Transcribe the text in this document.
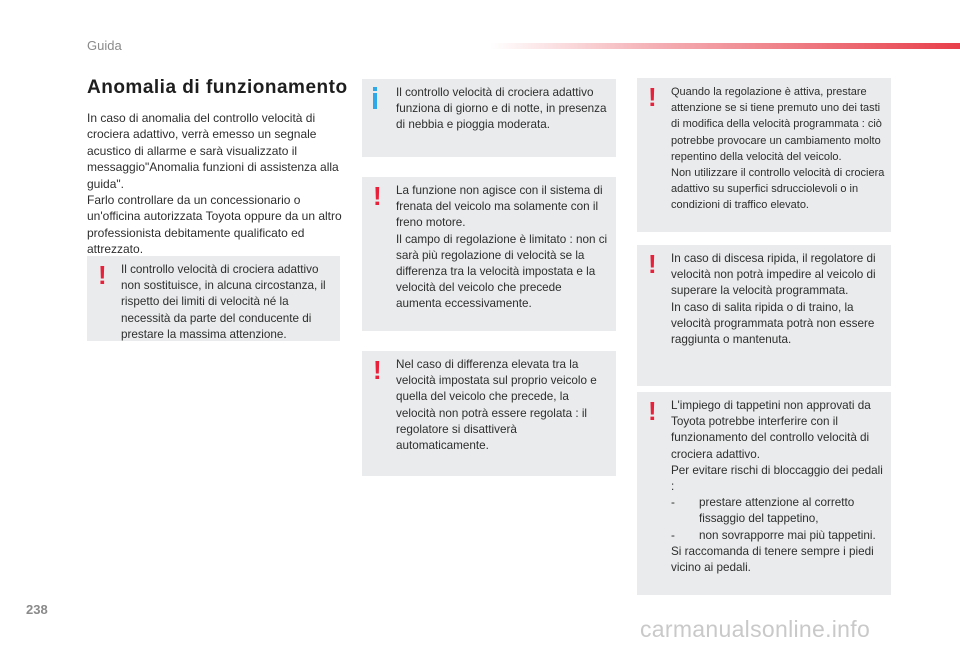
Guida
Anomalia di funzionamento

In caso di anomalia del controllo velocità di crociera adattivo, verrà emesso un segnale acustico di allarme e sarà visualizzato il messaggio"Anomalia funzioni di assistenza alla guida".

Farlo controllare da un concessionario o un'officina autorizzata Toyota oppure da un altro professionista debitamente qualificato ed attrezzato.

! Il controllo velocità di crociera adattivo non sostituisce, in alcuna circostanza, il rispetto dei limiti di velocità né la necessità da parte del conducente di prestare la massima attenzione.

Il controllo velocità di crociera adattivo funziona di giorno e di notte, in presenza di nebbia e pioggia moderata.

! La funzione non agisce con il sistema di frenata del veicolo ma solamente con il freno motore.

Il campo di regolazione è limitato : non ci sarà più regolazione di velocità se la differenza tra la velocità impostata e la velocità del veicolo che precede aumenta eccessivamente.

! Nel caso di differenza elevata tra la velocità impostata sul proprio veicolo e quella del veicolo che precede, la velocità non potrà essere regolata : il regolatore si disattiverà automaticamente.

! Quando la regolazione è attiva, prestare attenzione se si tiene premuto uno dei tasti di modifica della velocità programmata : ciò potrebbe provocare un cambiamento molto repentino della velocità del veicolo.

Non utilizzare il controllo velocità di crociera adattivo su superfici sdrucciolevoli o in condizioni di traffico elevato.

! In caso di discesa ripida, il regolatore di velocità non potrà impedire al veicolo di superare la velocità programmata.

In caso di salita ripida o di traino, la velocità programmata potrà non essere raggiunta o mantenuta.

! L'impiego di tappetini non approvati da Toyota potrebbe interferire con il funzionamento del controllo velocità di crociera adattivo.

Per evitare rischi di bloccaggio dei pedali :

-	prestare attenzione al corretto fissaggio del tappetino,
-	non sovrapporre mai più tappetini.

Si raccomanda di tenere sempre i piedi vicino ai pedali.

238
carmanualsonline.info
